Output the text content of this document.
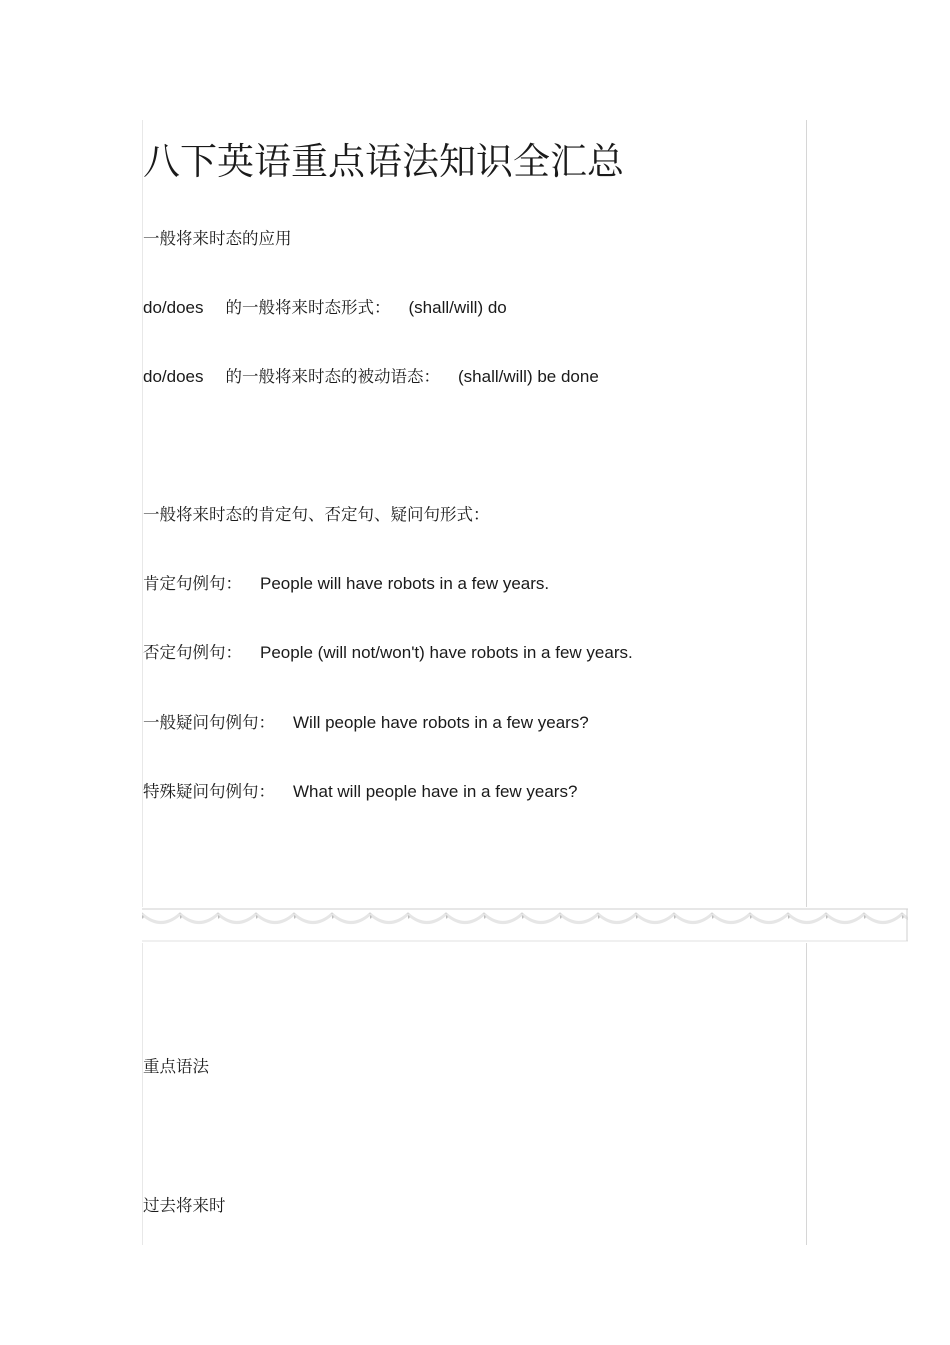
八下英语重点语法知识全汇总
一般将来时态的应用
do/does 的一般将来时态形式： (shall/will) do
do/does 的一般将来时态的被动语态： (shall/will) be done
一般将来时态的肯定句、否定句、疑问句形式：
肯定句例句： People will have robots in a few years.
否定句例句： People (will not/won't) have robots in a few years.
一般疑问句例句： Will people have robots in a few years?
特殊疑问句例句： What will people have in a few years?
重点语法
过去将来时
